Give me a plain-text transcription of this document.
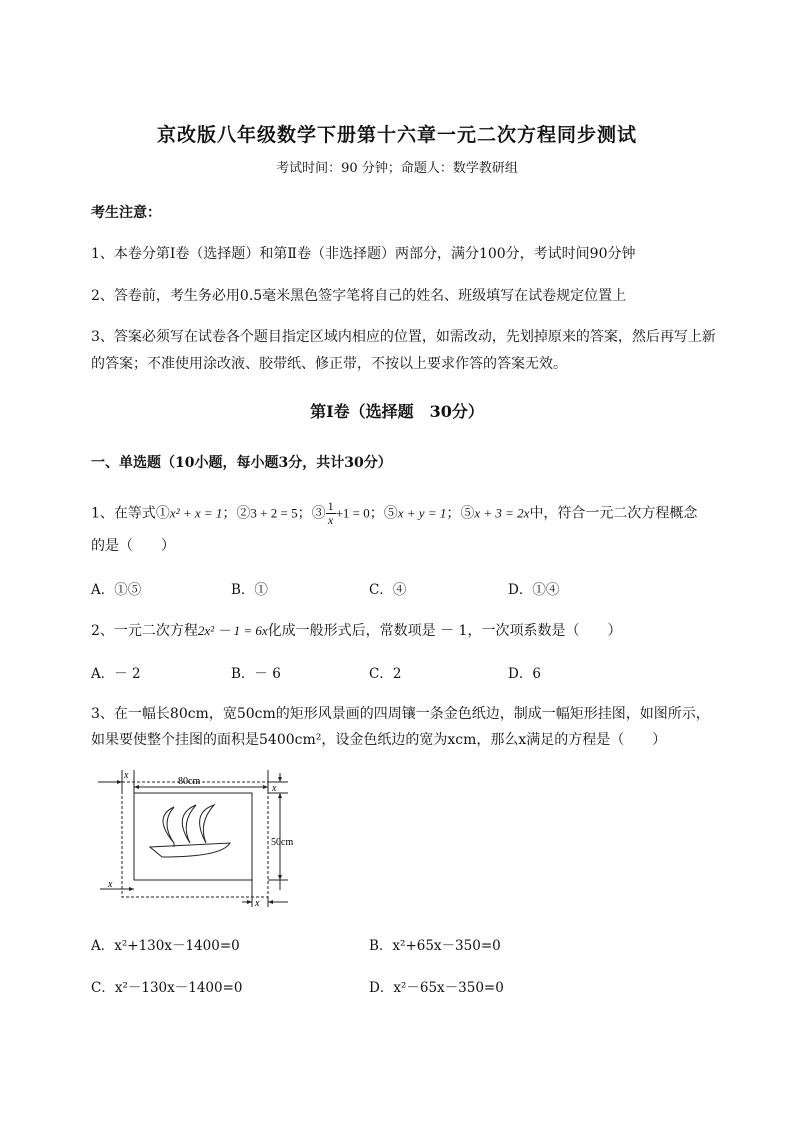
京改版八年级数学下册第十六章一元二次方程同步测试
考试时间：90 分钟；命题人：数学教研组
考生注意：
1、本卷分第I卷（选择题）和第Ⅱ卷（非选择题）两部分，满分100分，考试时间90分钟
2、答卷前，考生务必用0.5毫米黑色签字笔将自己的姓名、班级填写在试卷规定位置上
3、答案必须写在试卷各个题目指定区域内相应的位置，如需改动，先划掉原来的答案，然后再写上新
的答案；不准使用涂改液、胶带纸、修正带，不按以上要求作答的答案无效。
第I卷（选择题　30分）
一、单选题（10小题，每小题3分，共计30分）
1、在等式①x² + x = 1；②3 + 2 = 5；③ $\frac{1}{x} +1 = 0$；⑤x + y = 1；⑤x + 3 = 2x中，符合一元二次方程概念
的是（　　）
A．①⑤	B．①	C．④	D．①④
2、一元二次方程2x² － 1 = 6x化成一般形式后，常数项是 － 1，一次项系数是（　　）
A．－ 2	B．－ 6	C．2	D．6
3、在一幅长80cm，宽50cm的矩形风景画的四周镶一条金色纸边，制成一幅矩形挂图，如图所示，
如果要使整个挂图的面积是5400cm²，设金色纸边的宽为xcm，那么x满足的方程是（　　）
x
80cm
x
50cm
x
x
A．x²+130x－1400=0	B．x²+65x－350=0
C．x²－130x－1400=0	D．x²－65x－350=0
